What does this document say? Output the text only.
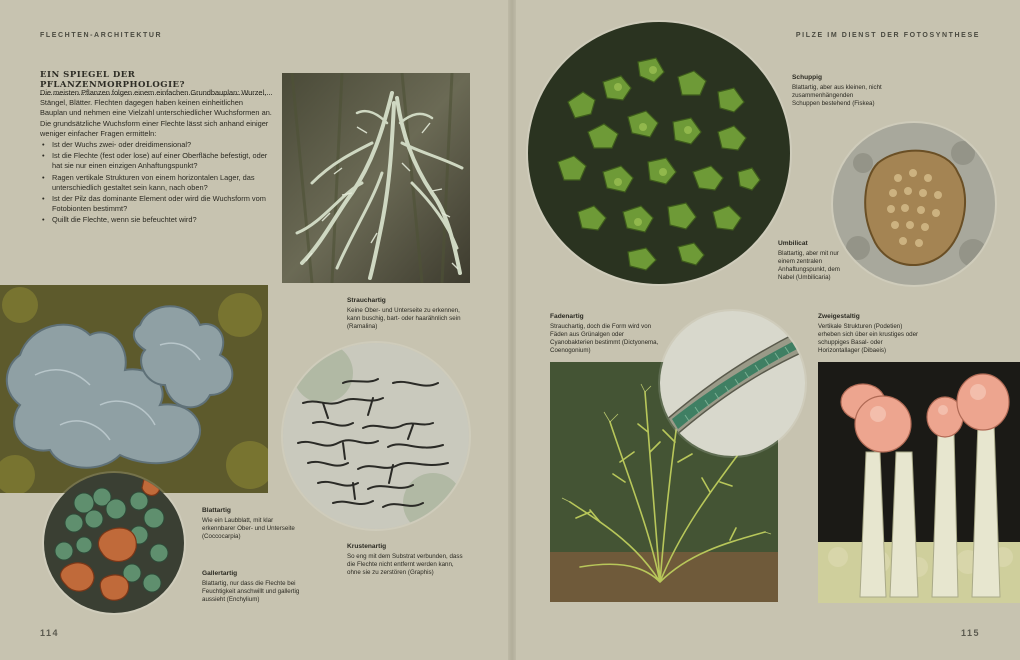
FLECHTEN-ARCHITEKTUR	PILZE IM DIENST DER FOTOSYNTHESE
EIN SPIEGEL DER PFLANZENMORPHOLOGIE?

Die meisten Pflanzen folgen einem einfachen Grundbauplan: Wurzel, Stängel, Blätter. Flechten dagegen haben keinen einheitlichen Bauplan und nehmen eine Vielzahl unterschiedlicher Wuchsformen an.

Die grundsätzliche Wuchsform einer Flechte lässt sich anhand einiger weniger einfacher Fragen ermitteln:

• Ist der Wuchs zwei- oder dreidimensional?
• Ist die Flechte (fest oder lose) auf einer Oberfläche befestigt, oder hat sie nur einen einzigen Anhaftungspunkt?
• Ragen vertikale Strukturen von einem horizontalen Lager, das unterschiedlich gestaltet sein kann, nach oben?
• Ist der Pilz das dominante Element oder wird die Wuchsform vom Fotobionten bestimmt?
• Quillt die Flechte, wenn sie befeuchtet wird?
Strauchartig
Keine Ober- und Unterseite zu erkennen, kann buschig, bart- oder haarähnlich sein (Ramalina)
Blattartig
Wie ein Laubblatt, mit klar erkennbarer Ober- und Unterseite (Coccocarpia)
Gallertartig
Blattartig, nur dass die Flechte bei Feuchtigkeit anschwillt und gallertig aussieht (Enchylium)
Krustenartig
So eng mit dem Substrat verbunden, dass die Flechte nicht entfernt werden kann, ohne sie zu zerstören (Graphis)
Schuppig
Blattartig, aber aus kleinen, nicht zusammenhängenden Schuppen bestehend (Fiskea)
Umbilicat
Blattartig, aber mit nur einem zentralen Anhaftungspunkt, dem Nabel (Umbilicaria)
Fadenartig
Strauchartig, doch die Form wird von Fäden aus Grünalgen oder Cyanobakterien bestimmt (Dictyonema, Coenogonium)
Zweigestaltig
Vertikale Strukturen (Podetien) erheben sich über ein krustiges oder schuppiges Basal- oder Horizontallager (Dibaeis)
114	115
